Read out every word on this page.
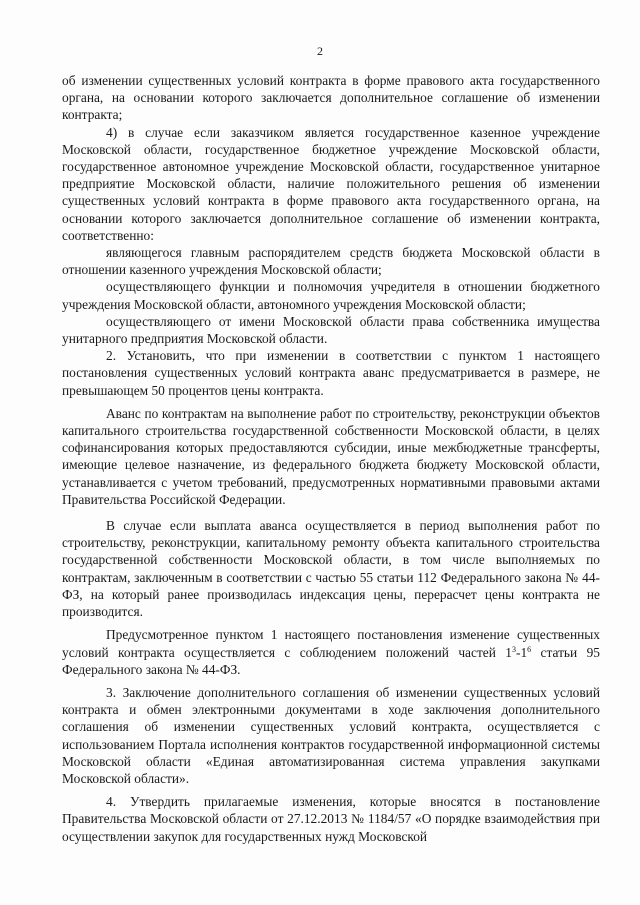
2

об изменении существенных условий контракта в форме правового акта государственного органа, на основании которого заключается дополнительное соглашение об изменении контракта;

4) в случае если заказчиком является государственное казенное учреждение Московской области, государственное бюджетное учреждение Московской области, государственное автономное учреждение Московской области, государственное унитарное предприятие Московской области, наличие положительного решения об изменении существенных условий контракта в форме правового акта государственного органа, на основании которого заключается дополнительное соглашение об изменении контракта, соответственно:

являющегося главным распорядителем средств бюджета Московской области в отношении казенного учреждения Московской области;

осуществляющего функции и полномочия учредителя в отношении бюджетного учреждения Московской области, автономного учреждения Московской области;

осуществляющего от имени Московской области права собственника имущества унитарного предприятия Московской области.

2. Установить, что при изменении в соответствии с пунктом 1 настоящего постановления существенных условий контракта аванс предусматривается в размере, не превышающем 50 процентов цены контракта.

Аванс по контрактам на выполнение работ по строительству, реконструкции объектов капитального строительства государственной собственности Московской области, в целях софинансирования которых предоставляются субсидии, иные межбюджетные трансферты, имеющие целевое назначение, из федерального бюджета бюджету Московской области, устанавливается с учетом требований, предусмотренных нормативными правовыми актами Правительства Российской Федерации.

В случае если выплата аванса осуществляется в период выполнения работ по строительству, реконструкции, капитальному ремонту объекта капитального строительства государственной собственности Московской области, в том числе выполняемых по контрактам, заключенным в соответствии с частью 55 статьи 112 Федерального закона № 44-ФЗ, на который ранее производилась индексация цены, перерасчет цены контракта не производится.

Предусмотренное пунктом 1 настоящего постановления изменение существенных условий контракта осуществляется с соблюдением положений частей $1^3-1^6$ статьи 95 Федерального закона № 44-ФЗ.

3. Заключение дополнительного соглашения об изменении существенных условий контракта и обмен электронными документами в ходе заключения дополнительного соглашения об изменении существенных условий контракта, осуществляется с использованием Портала исполнения контрактов государственной информационной системы Московской области «Единая автоматизированная система управления закупками Московской области».

4. Утвердить прилагаемые изменения, которые вносятся в постановление Правительства Московской области от 27.12.2013 № 1184/57 «О порядке взаимодействия при осуществлении закупок для государственных нужд Московской
